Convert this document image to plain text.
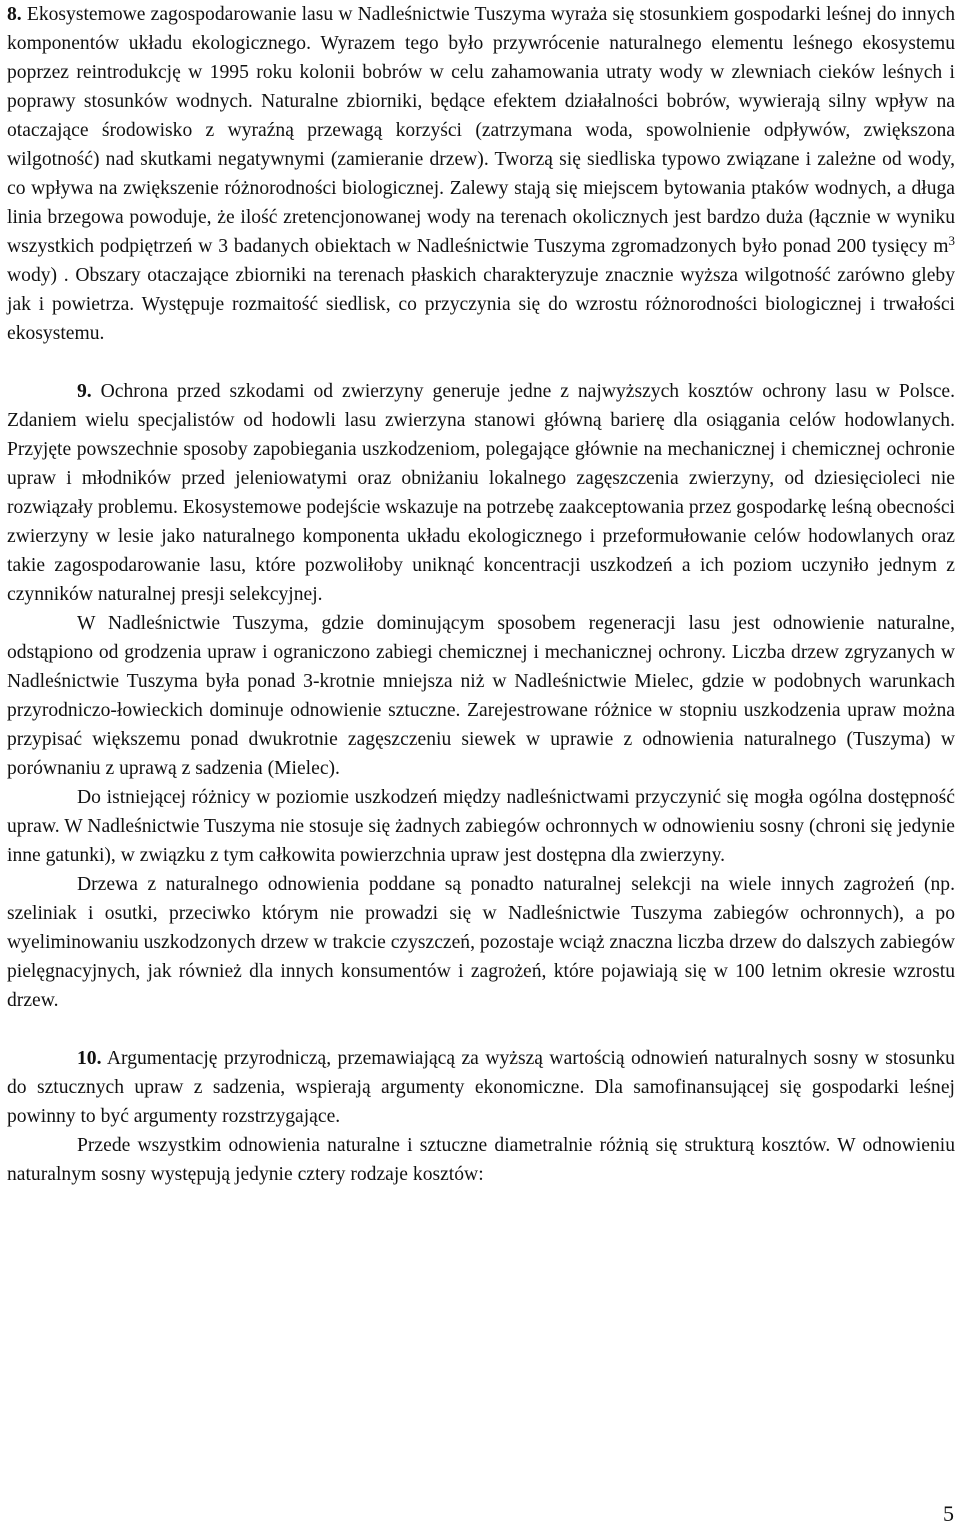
8. Ekosystemowe zagospodarowanie lasu w Nadleśnictwie Tuszyma wyraża się stosunkiem gospodarki leśnej do innych komponentów układu ekologicznego. Wyrazem tego było przywrócenie naturalnego elementu leśnego ekosystemu poprzez reintrodukcję w 1995 roku kolonii bobrów w celu zahamowania utraty wody w zlewniach cieków leśnych i poprawy stosunków wodnych. Naturalne zbiorniki, będące efektem działalności bobrów, wywierają silny wpływ na otaczające środowisko z wyraźną przewagą korzyści (zatrzymana woda, spowolnienie odpływów, zwiększona wilgotność) nad skutkami negatywnymi (zamieranie drzew). Tworzą się siedliska typowo związane i zależne od wody, co wpływa na zwiększenie różnorodności biologicznej. Zalewy stają się miejscem bytowania ptaków wodnych, a długa linia brzegowa powoduje, że ilość zretencjonowanej wody na terenach okolicznych jest bardzo duża (łącznie w wyniku wszystkich podpiętrzeń w 3 badanych obiektach w Nadleśnictwie Tuszyma zgromadzonych było ponad 200 tysięcy $m^3$ wody) . Obszary otaczające zbiorniki na terenach płaskich charakteryzuje znacznie wyższa wilgotność zarówno gleby jak i powietrza. Występuje rozmaitość siedlisk, co przyczynia się do wzrostu różnorodności biologicznej i trwałości ekosystemu.

9. Ochrona przed szkodami od zwierzyny generuje jedne z najwyższych kosztów ochrony lasu w Polsce. Zdaniem wielu specjalistów od hodowli lasu zwierzyna stanowi główną barierę dla osiągania celów hodowlanych. Przyjęte powszechnie sposoby zapobiegania uszkodzeniom, polegające głównie na mechanicznej i chemicznej ochronie upraw i młodników przed jeleniowatymi oraz obniżaniu lokalnego zagęszczenia zwierzyny, od dziesięcioleci nie rozwiązały problemu. Ekosystemowe podejście wskazuje na potrzebę zaakceptowania przez gospodarkę leśną obecności zwierzyny w lesie jako naturalnego komponenta układu ekologicznego i przeformułowanie celów hodowlanych oraz takie zagospodarowanie lasu, które pozwoliłoby uniknąć koncentracji uszkodzeń a ich poziom uczyniło jednym z czynników naturalnej presji selekcyjnej.

W Nadleśnictwie Tuszyma, gdzie dominującym sposobem regeneracji lasu jest odnowienie naturalne, odstąpiono od grodzenia upraw i ograniczono zabiegi chemicznej i mechanicznej ochrony. Liczba drzew zgryzanych w Nadleśnictwie Tuszyma była ponad 3-krotnie mniejsza niż w Nadleśnictwie Mielec, gdzie w podobnych warunkach przyrodniczo-łowieckich dominuje odnowienie sztuczne. Zarejestrowane różnice w stopniu uszkodzenia upraw można przypisać większemu ponad dwukrotnie zagęszczeniu siewek w uprawie z odnowienia naturalnego (Tuszyma) w porównaniu z uprawą z sadzenia (Mielec).

Do istniejącej różnicy w poziomie uszkodzeń między nadleśnictwami przyczynić się mogła ogólna dostępność upraw. W Nadleśnictwie Tuszyma nie stosuje się żadnych zabiegów ochronnych w odnowieniu sosny (chroni się jedynie inne gatunki), w związku z tym całkowita powierzchnia upraw jest dostępna dla zwierzyny.

Drzewa z naturalnego odnowienia poddane są ponadto naturalnej selekcji na wiele innych zagrożeń (np. szeliniak i osutki, przeciwko którym nie prowadzi się w Nadleśnictwie Tuszyma zabiegów ochronnych), a po wyeliminowaniu uszkodzonych drzew w trakcie czyszczeń, pozostaje wciąż znaczna liczba drzew do dalszych zabiegów pielęgnacyjnych, jak również dla innych konsumentów i zagrożeń, które pojawiają się w 100 letnim okresie wzrostu drzew.

10. Argumentację przyrodniczą, przemawiającą za wyższą wartością odnowień naturalnych sosny w stosunku do sztucznych upraw z sadzenia, wspierają argumenty ekonomiczne. Dla samofinansującej się gospodarki leśnej powinny to być argumenty rozstrzygające.

Przede wszystkim odnowienia naturalne i sztuczne diametralnie różnią się strukturą kosztów. W odnowieniu naturalnym sosny występują jedynie cztery rodzaje kosztów:

5
